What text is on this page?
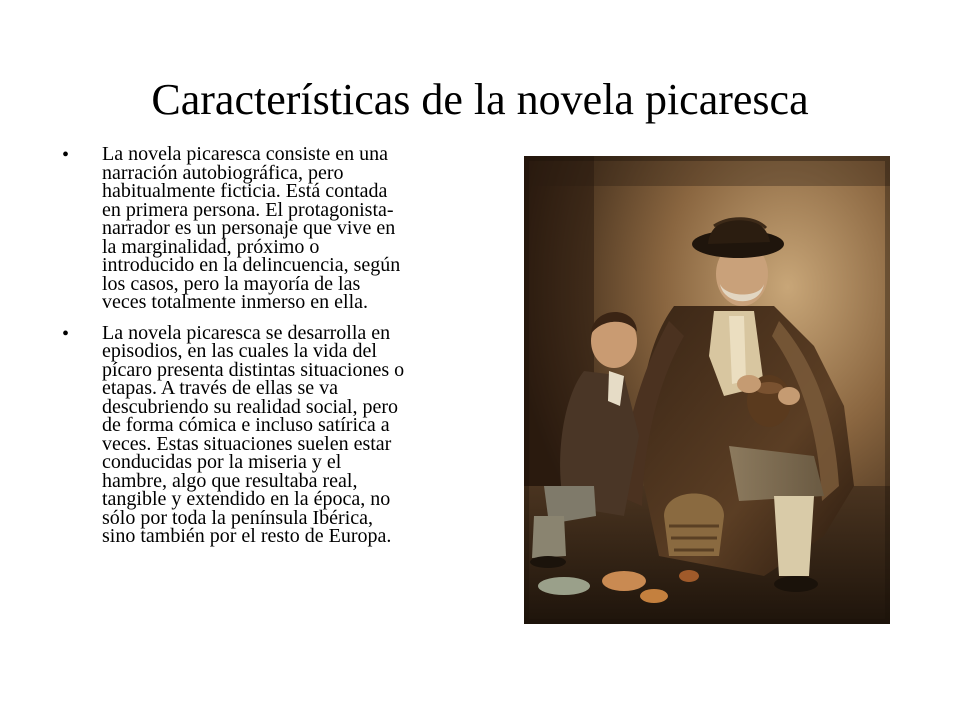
Características de la novela picaresca
• La novela picaresca consiste en una
narración autobiográfica, pero
habitualmente ficticia. Está contada
en primera persona. El protagonista-
narrador es un personaje que vive en
la marginalidad, próximo o
introducido en la delincuencia, según
los casos, pero la mayoría de las
veces totalmente inmerso en ella.
• La novela picaresca se desarrolla en
episodios, en las cuales la vida del
pícaro presenta distintas situaciones o
etapas. A través de ellas se va
descubriendo su realidad social, pero
de forma cómica e incluso satírica a
veces. Estas situaciones suelen estar
conducidas por la miseria y el
hambre, algo que resultaba real,
tangible y extendido en la época, no
sólo por toda la península Ibérica,
sino también por el resto de Europa.
